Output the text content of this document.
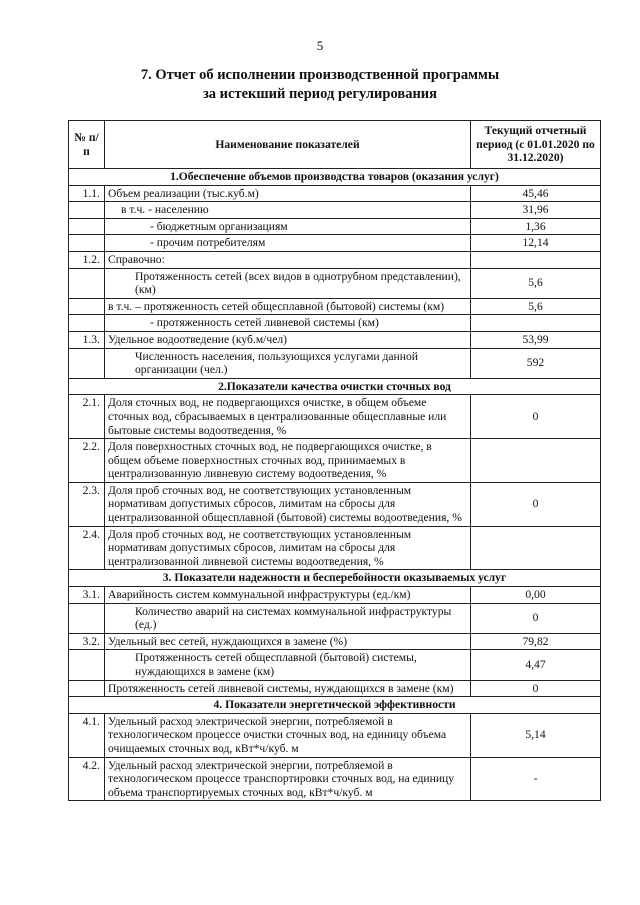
5
7. Отчет об исполнении производственной программы
за истекший период регулирования
№ п/п	Наименование показателей	Текущий отчетный период (с 01.01.2020 по 31.12.2020)
1.Обеспечение объемов производства товаров (оказания услуг)		
1.1.	Объем реализации (тыс.куб.м)	45,46
	в т.ч. - населению	31,96
	- бюджетным организациям	1,36
	- прочим потребителям	12,14
1.2.	Справочно:	
	Протяженность сетей (всех видов в однотрубном представлении), (км)	5,6
	в т.ч. – протяженность сетей общесплавной (бытовой) системы (км)	5,6
	- протяженность сетей ливневой системы (км)	
1.3.	Удельное водоотведение (куб.м/чел)	53,99
	Численность населения, пользующихся услугами данной организации (чел.)	592
2.Показатели качества очистки сточных вод		
2.1.	Доля сточных вод, не подвергающихся очистке, в общем объеме сточных вод, сбрасываемых в централизованные общесплавные или бытовые системы водоотведения, %	0
2.2.	Доля поверхностных сточных вод, не подвергающихся очистке, в общем объеме поверхностных сточных вод, принимаемых в централизованную ливневую систему водоотведения, %	
2.3.	Доля проб сточных вод, не соответствующих установленным нормативам допустимых сбросов, лимитам на сбросы для централизованной общесплавной (бытовой) системы водоотведения, %	0
2.4.	Доля проб сточных вод, не соответствующих установленным нормативам допустимых сбросов, лимитам на сбросы для централизованной ливневой системы водоотведения, %	
3. Показатели надежности и бесперебойности оказываемых услуг		
3.1.	Аварийность систем коммунальной инфраструктуры (ед./км)	0,00
	Количество аварий на системах коммунальной инфраструктуры (ед.)	0
3.2.	Удельный вес сетей, нуждающихся в замене (%)	79,82
	Протяженность сетей общесплавной (бытовой) системы, нуждающихся в замене (км)	4,47
	Протяженность сетей ливневой системы, нуждающихся в замене (км)	0
4. Показатели энергетической эффективности		
4.1.	Удельный расход электрической энергии, потребляемой в технологическом процессе очистки сточных вод, на единицу объема очищаемых сточных вод, кВт*ч/куб. м	5,14
4.2.	Удельный расход электрической энергии, потребляемой в технологическом процессе транспортировки сточных вод, на единицу объема транспортируемых сточных вод, кВт*ч/куб. м	-
